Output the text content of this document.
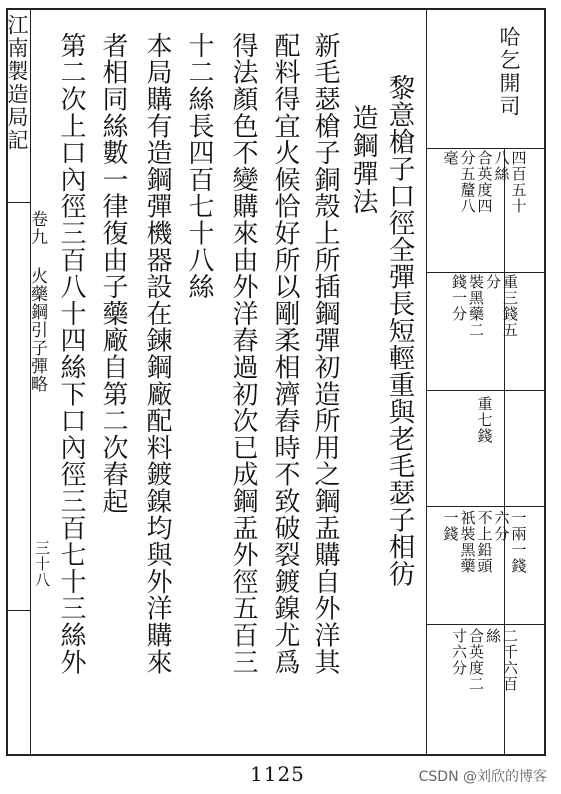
江南製造局記
卷九 火藥鋼引子彈略
三十八
哈乞開司
四百五十
八絲
合英度四
分五釐八
毫
重三錢五
分
裝黑藥二
錢一分
重七錢
一兩一錢
六分
不上鉛頭
祇裝黑藥
一錢
二千六百
絲
合英度二
寸六分
黎意槍子口徑全彈長短輕重與老毛瑟子相彷
造鋼彈法
新毛瑟槍子銅殼上所插鋼彈初造所用之鋼盂購自外洋其
配料得宜火候恰好所以剛柔相濟舂時不致破裂鍍鎳尤爲
得法顏色不變購來由外洋舂過初次已成鋼盂外徑五百三
十二絲長四百七十八絲
本局購有造鋼彈機器設在鍊鋼廠配料鍍鎳均與外洋購來
者相同絲數一律復由子藥廠自第二次舂起
第二次上口內徑三百八十四絲下口內徑三百七十三絲外
1125	CSDN @刘欣的博客
